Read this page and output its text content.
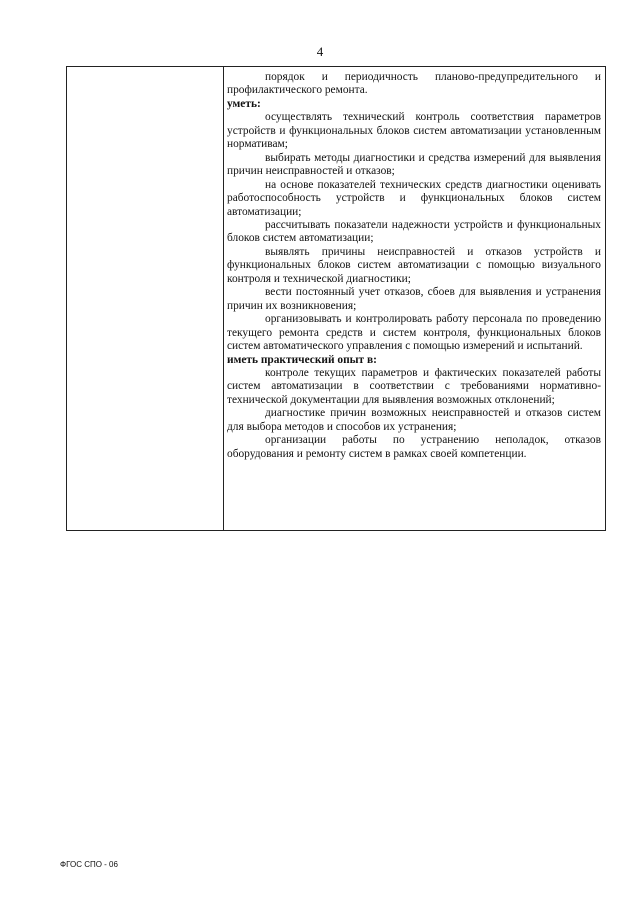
4

порядок и периодичность планово-предупредительного и профилактического ремонта.

уметь:

осуществлять технический контроль соответствия параметров устройств и функциональных блоков систем автоматизации установленным нормативам;

выбирать методы диагностики и средства измерений для выявления причин неисправностей и отказов;

на основе показателей технических средств диагностики оценивать работоспособность устройств и функциональных блоков систем автоматизации;

рассчитывать показатели надежности устройств и функциональных блоков систем автоматизации;

выявлять причины неисправностей и отказов устройств и функциональных блоков систем автоматизации с помощью визуального контроля и технической диагностики;

вести постоянный учет отказов, сбоев для выявления и устранения причин их возникновения;

организовывать и контролировать работу персонала по проведению текущего ремонта средств и систем контроля, функциональных блоков систем автоматического управления с помощью измерений и испытаний.

иметь практический опыт в:

контроле текущих параметров и фактических показателей работы систем автоматизации в соответствии с требованиями нормативно-технической документации для выявления возможных отклонений;

диагностике причин возможных неисправностей и отказов систем для выбора методов и способов их устранения;

организации работы по устранению неполадок, отказов оборудования и ремонту систем в рамках своей компетенции.

ФГОС СПО - 06
